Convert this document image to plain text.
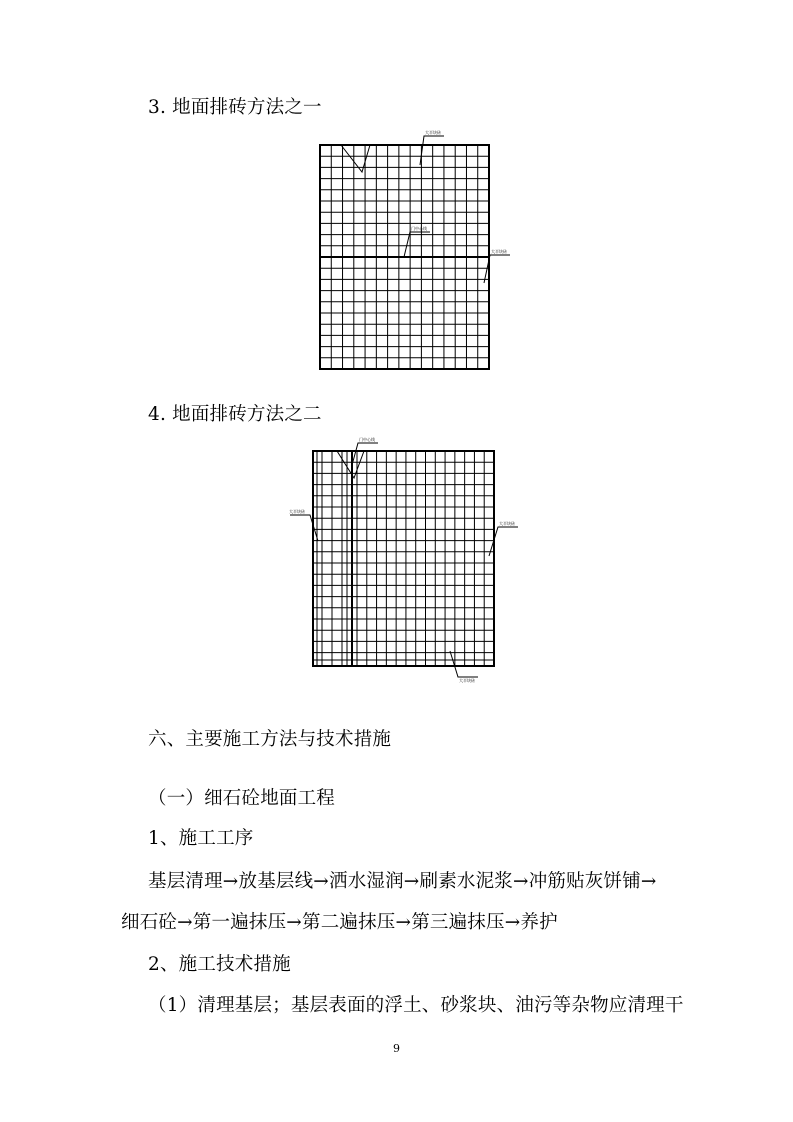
3. 地面排砖方法之一
大半块砖
门中心线
大半块砖
4. 地面排砖方法之二
门中心线
大半块砖
大半块砖
大半块砖
六、主要施工方法与技术措施
（一）细石砼地面工程
1、施工工序
基层清理→放基层线→洒水湿润→刷素水泥浆→冲筋贴灰饼铺→
细石砼→第一遍抹压→第二遍抹压→第三遍抹压→养护
2、施工技术措施
（1）清理基层；基层表面的浮土、砂浆块、油污等杂物应清理干
9
